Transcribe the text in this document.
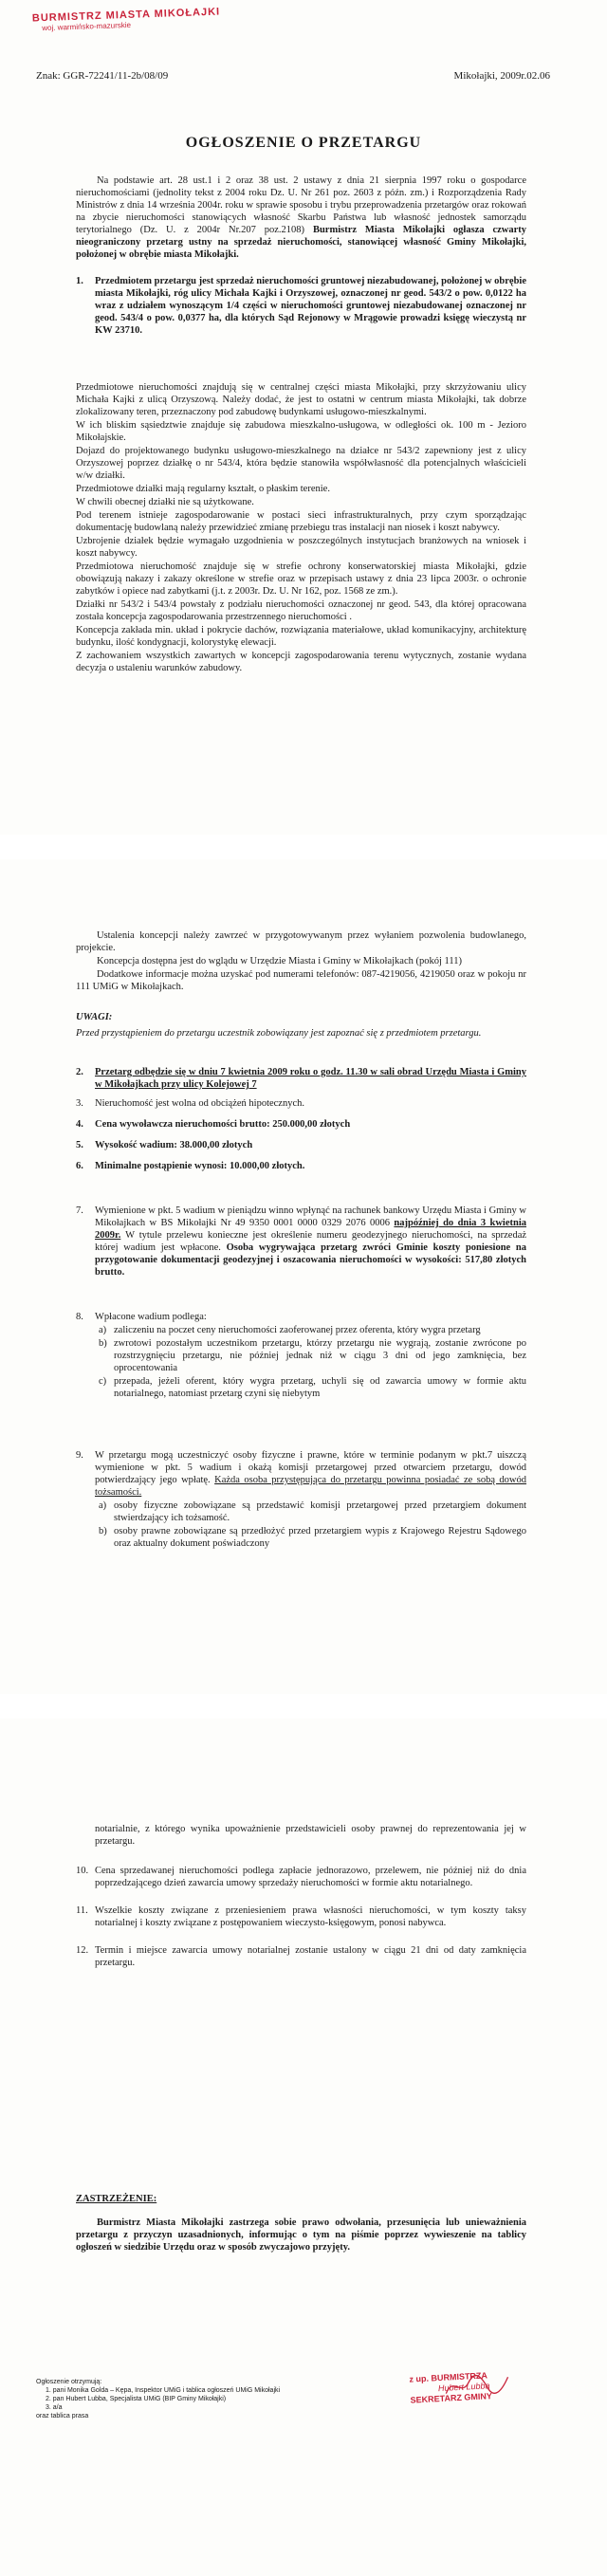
BURMISTRZ MIASTA MIKOŁAJKI
woj. warmińsko-mazurskie
Znak: GGR-72241/11-2b/08/09	Mikołajki, 2009r.02.06
OGŁOSZENIE O PRZETARGU

Na podstawie art. 28 ust.1 i 2 oraz 38 ust. 2 ustawy z dnia 21 sierpnia 1997 roku o gospodarce nieruchomościami (jednolity tekst z 2004 roku Dz. U. Nr 261 poz. 2603 z późn. zm.) i Rozporządzenia Rady Ministrów z dnia 14 września 2004r. roku w sprawie sposobu i trybu przeprowadzenia przetargów oraz rokowań na zbycie nieruchomości stanowiących własność Skarbu Państwa lub własność jednostek samorządu terytorialnego (Dz. U. z 2004r Nr.207 poz.2108) Burmistrz Miasta Mikołajki ogłasza czwarty nieograniczony przetarg ustny na sprzedaż nieruchomości, stanowiącej własność Gminy Mikołajki, położonej w obrębie miasta Mikołajki.

1. Przedmiotem przetargu jest sprzedaż nieruchomości gruntowej niezabudowanej, położonej w obrębie miasta Mikołajki, róg ulicy Michała Kajki i Orzyszowej, oznaczonej nr geod. 543/2 o pow. 0,0122 ha wraz z udziałem wynoszącym 1/4 części w nieruchomości gruntowej niezabudowanej oznaczonej nr geod. 543/4 o pow. 0,0377 ha, dla których Sąd Rejonowy w Mrągowie prowadzi księgę wieczystą nr KW 23710.

Przedmiotowe nieruchomości znajdują się w centralnej części miasta Mikołajki, przy skrzyżowaniu ulicy Michała Kajki z ulicą Orzyszową. Należy dodać, że jest to ostatni w centrum miasta Mikołajki, tak dobrze zlokalizowany teren, przeznaczony pod zabudowę budynkami usługowo-mieszkalnymi.

W ich bliskim sąsiedztwie znajduje się zabudowa mieszkalno-usługowa, w odległości ok. 100 m - Jezioro Mikołajskie.

Dojazd do projektowanego budynku usługowo-mieszkalnego na działce nr 543/2 zapewniony jest z ulicy Orzyszowej poprzez działkę o nr 543/4, która będzie stanowiła współwłasność dla potencjalnych właścicieli w/w działki.

Przedmiotowe działki mają regularny kształt, o płaskim terenie.

W chwili obecnej działki nie są użytkowane.

Pod terenem istnieje zagospodarowanie w postaci sieci infrastrukturalnych, przy czym sporządzając dokumentację budowlaną należy przewidzieć zmianę przebiegu tras instalacji nan niosek i koszt nabywcy.

Uzbrojenie działek będzie wymagało uzgodnienia w poszczególnych instytucjach branżowych na wniosek i koszt nabywcy.

Przedmiotowa nieruchomość znajduje się w strefie ochrony konserwatorskiej miasta Mikołajki, gdzie obowiązują nakazy i zakazy określone w strefie oraz w przepisach ustawy z dnia 23 lipca 2003r. o ochronie zabytków i opiece nad zabytkami (j.t. z 2003r. Dz. U. Nr 162, poz. 1568 ze zm.).

Działki nr 543/2 i 543/4 powstały z podziału nieruchomości oznaczonej nr geod. 543, dla której opracowana została koncepcja zagospodarowania przestrzennego nieruchomości .

Koncepcja zakłada min. układ i pokrycie dachów, rozwiązania materiałowe, układ komunikacyjny, architekturę budynku, ilość kondygnacji, kolorystykę elewacji.

Z zachowaniem wszystkich zawartych w koncepcji zagospodarowania terenu wytycznych, zostanie wydana decyzja o ustaleniu warunków zabudowy.

Ustalenia koncepcji należy zawrzeć w przygotowywanym przez wyłaniem pozwolenia budowlanego, projekcie.

Koncepcja dostępna jest do wglądu w Urzędzie Miasta i Gminy w Mikołajkach (pokój 111)

Dodatkowe informacje można uzyskać pod numerami telefonów: 087-4219056, 4219050 oraz w pokoju nr 111 UMiG w Mikołajkach.

UWAGI:

Przed przystąpieniem do przetargu uczestnik zobowiązany jest zapoznać się z przedmiotem przetargu.

2. Przetarg odbędzie się w dniu 7 kwietnia 2009 roku o godz. 11.30 w sali obrad Urzędu Miasta i Gminy w Mikołajkach przy ulicy Kolejowej 7
3. Nieruchomość jest wolna od obciążeń hipotecznych.
4. Cena wywoławcza nieruchomości brutto: 250.000,00 złotych
5. Wysokość wadium: 38.000,00 złotych
6. Minimalne postąpienie wynosi: 10.000,00 złotych.
7. Wymienione w pkt. 5 wadium w pieniądzu winno wpłynąć na rachunek bankowy Urzędu Miasta i Gminy w Mikołajkach w BS Mikołajki Nr 49 9350 0001 0000 0329 2076 0006 najpóźniej do dnia 3 kwietnia 2009r. W tytule przelewu konieczne jest określenie numeru geodezyjnego nieruchomości, na sprzedaż której wadium jest wpłacone. Osoba wygrywająca przetarg zwróci Gminie koszty poniesione na przygotowanie dokumentacji geodezyjnej i oszacowania nieruchomości w wysokości: 517,80 złotych brutto.
8. Wpłacone wadium podlega:
a) zaliczeniu na poczet ceny nieruchomości zaoferowanej przez oferenta, który wygra przetarg
b) zwrotowi pozostałym uczestnikom przetargu, którzy przetargu nie wygrają, zostanie zwrócone po rozstrzygnięciu przetargu, nie później jednak niż w ciągu 3 dni od jego zamknięcia, bez oprocentowania
c) przepada, jeżeli oferent, który wygra przetarg, uchyli się od zawarcia umowy w formie aktu notarialnego, natomiast przetarg czyni się niebytym
9. W przetargu mogą uczestniczyć osoby fizyczne i prawne, które w terminie podanym w pkt.7 uiszczą wymienione w pkt. 5 wadium i okażą komisji przetargowej przed otwarciem przetargu, dowód potwierdzający jego wpłatę. Każda osoba przystępująca do przetargu powinna posiadać ze sobą dowód tożsamości.
a) osoby fizyczne zobowiązane są przedstawić komisji przetargowej przed przetargiem dokument stwierdzający ich tożsamość.
b) osoby prawne zobowiązane są przedłożyć przed przetargiem wypis z Krajowego Rejestru Sądowego oraz aktualny dokument poświadczony

notarialnie, z którego wynika upoważnienie przedstawicieli osoby prawnej do reprezentowania jej w przetargu.

10. Cena sprzedawanej nieruchomości podlega zapłacie jednorazowo, przelewem, nie później niż do dnia poprzedzającego dzień zawarcia umowy sprzedaży nieruchomości w formie aktu notarialnego.
11. Wszelkie koszty związane z przeniesieniem prawa własności nieruchomości, w tym koszty taksy notarialnej i koszty związane z postępowaniem wieczysto-księgowym, ponosi nabywca.
12. Termin i miejsce zawarcia umowy notarialnej zostanie ustalony w ciągu 21 dni od daty zamknięcia przetargu.

ZASTRZEŻENIE:

Burmistrz Miasta Mikołajki zastrzega sobie prawo odwołania, przesunięcia lub unieważnienia przetargu z przyczyn uzasadnionych, informując o tym na piśmie poprzez wywieszenie na tablicy ogłoszeń w siedzibie Urzędu oraz w sposób zwyczajowo przyjęty.

Ogłoszenie otrzymują:
1. pani Monika Golda – Kępa, Inspektor UMiG i tablica ogłoszeń UMiG Mikołajki
2. pan Hubert Lubba, Specjalista UMiG (BIP Gminy Mikołajki)
3. a/a
oraz tablica prasa
z up. BURMISTRZA
Hubert Lubba
SEKRETARZ GMINY
